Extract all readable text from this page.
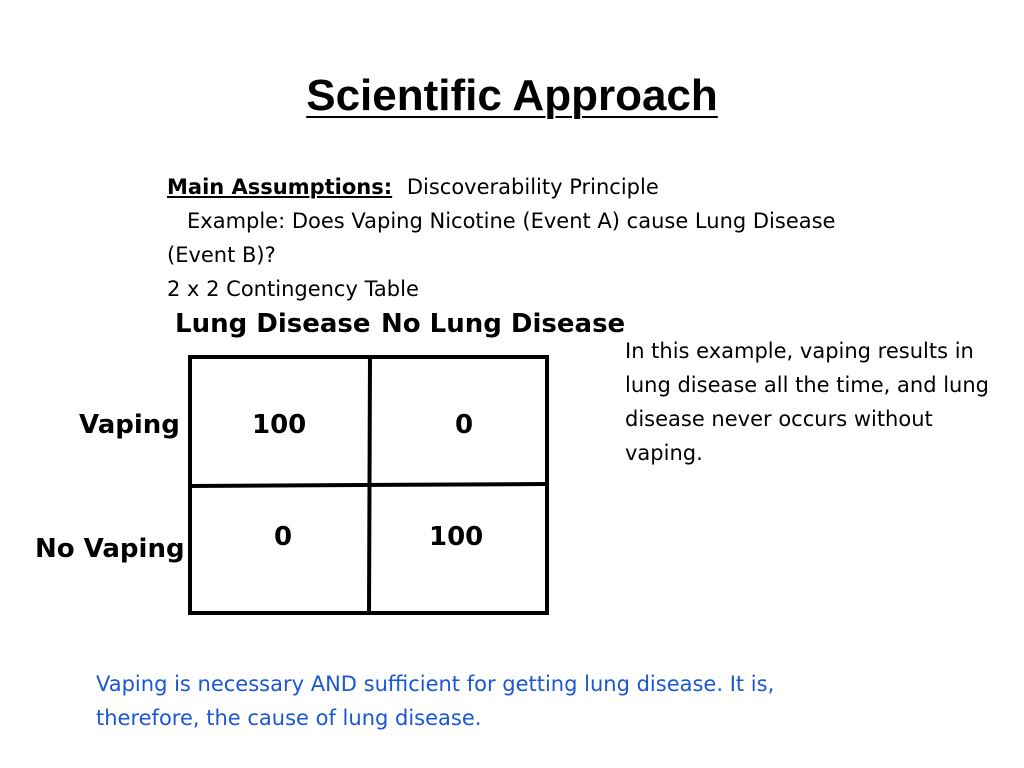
Scientific Approach
Main Assumptions: Discoverability Principle
Example: Does Vaping Nicotine (Event A) cause Lung Disease
(Event B)?
2 x 2 Contingency Table
Lung Disease No Lung Disease
Vaping
No Vaping
100	0
0	100
In this example, vaping results in lung disease all the time, and lung disease never occurs without vaping.
Vaping is necessary AND sufficient for getting lung disease. It is, therefore, the cause of lung disease.
